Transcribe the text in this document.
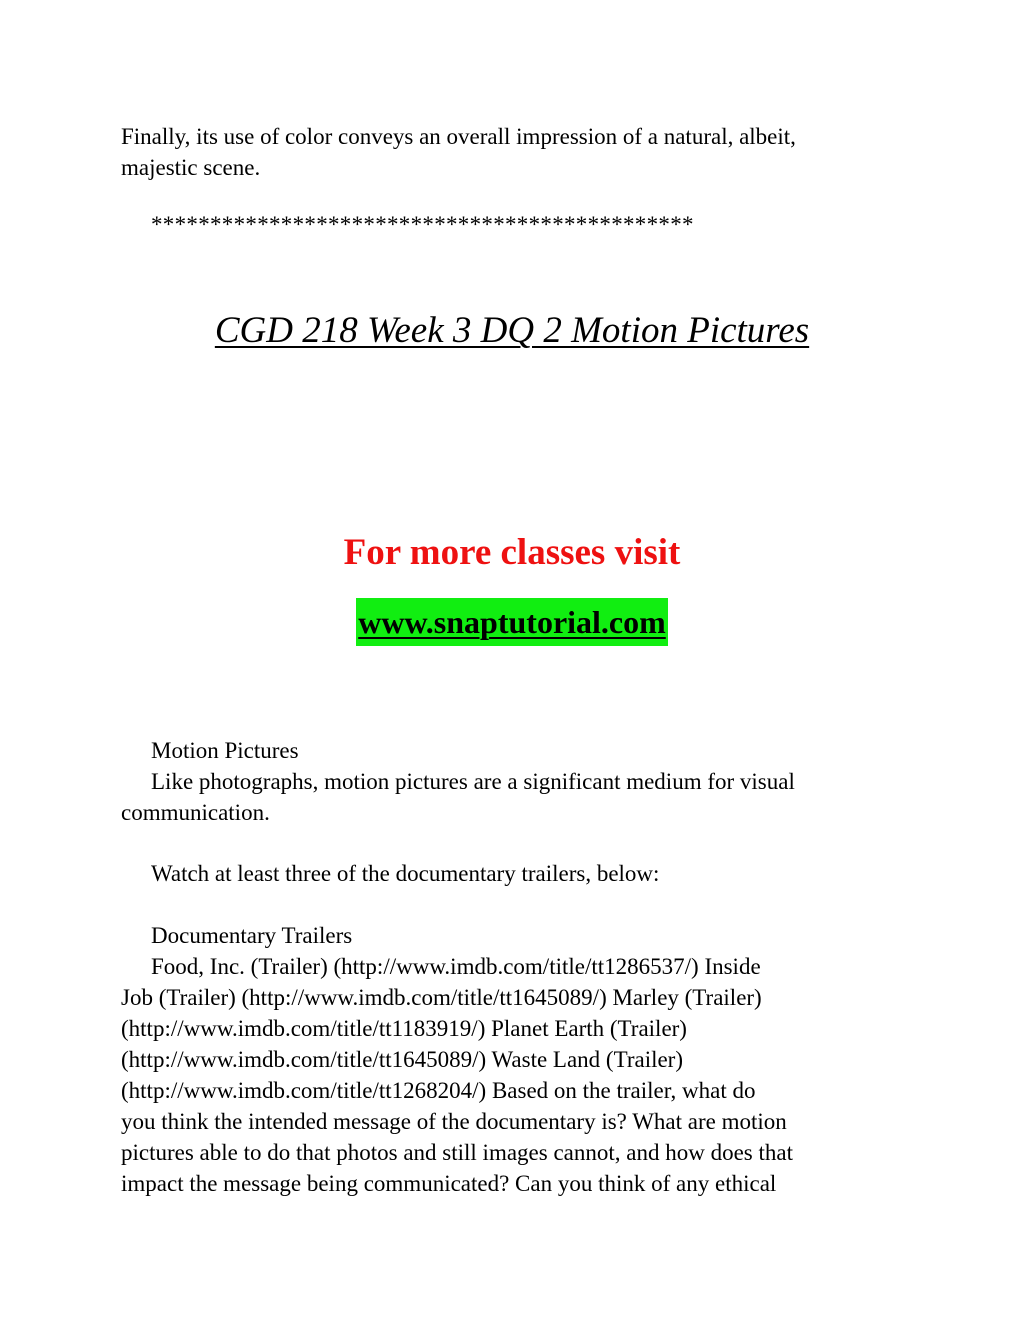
Finally, its use of color conveys an overall impression of a natural, albeit,
majestic scene.
**********************************************
CGD 218 Week 3 DQ 2 Motion Pictures
For more classes visit
www.snaptutorial.com
Motion Pictures
Like photographs, motion pictures are a significant medium for visual
communication.
Watch at least three of the documentary trailers, below:
Documentary Trailers
Food, Inc. (Trailer) (http://www.imdb.com/title/tt1286537/) Inside
Job (Trailer) (http://www.imdb.com/title/tt1645089/) Marley (Trailer)
(http://www.imdb.com/title/tt1183919/) Planet Earth (Trailer)
(http://www.imdb.com/title/tt1645089/) Waste Land (Trailer)
(http://www.imdb.com/title/tt1268204/) Based on the trailer, what do
you think the intended message of the documentary is? What are motion
pictures able to do that photos and still images cannot, and how does that
impact the message being communicated? Can you think of any ethical
